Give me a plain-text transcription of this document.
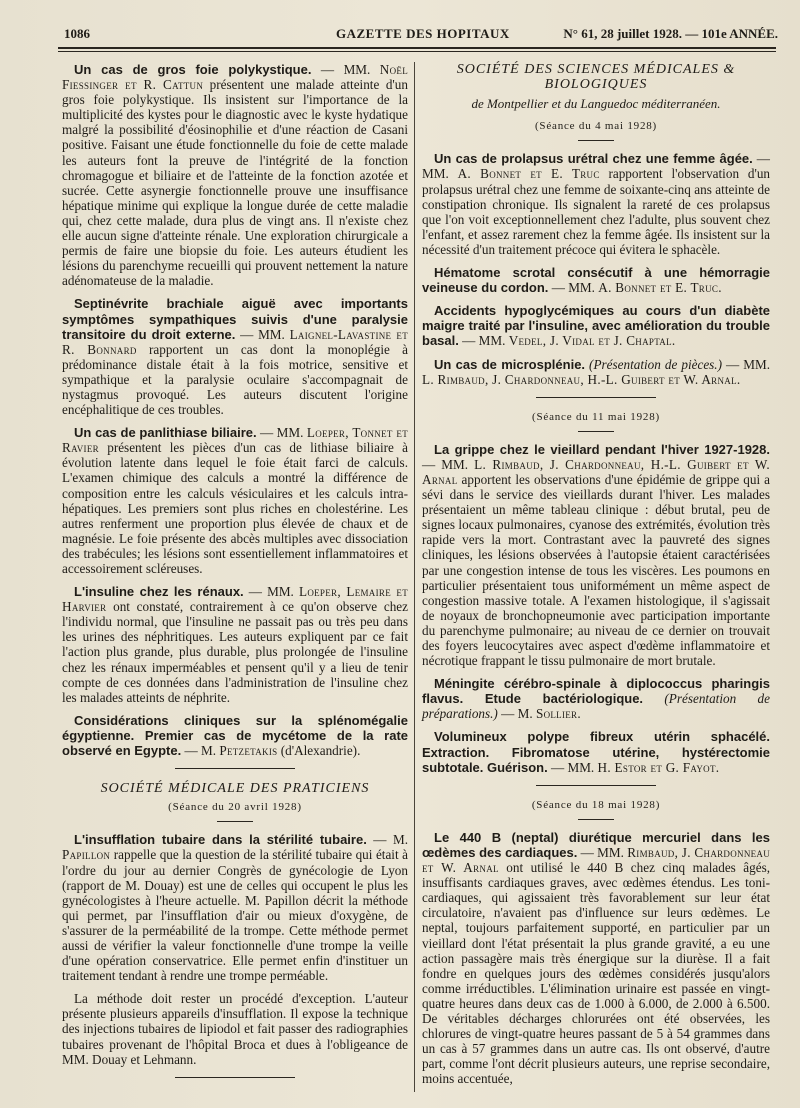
1086	GAZETTE DES HOPITAUX	N° 61, 28 juillet 1928. — 101e ANNÉE.

Un cas de gros foie polykystique. — MM. Noël Fiessinger et R. Cattun présentent une malade atteinte d'un gros foie polykystique. Ils insistent sur l'importance de la multiplicité des kystes pour le diagnostic avec le kyste hydatique malgré la possibilité d'éosinophilie et d'une réaction de Casani positive. Faisant une étude fonctionnelle du foie de cette malade les auteurs font la preuve de l'intégrité de la fonction chromagogue et biliaire et de l'atteinte de la fonction azotée et sucrée. Cette asynergie fonctionnelle prouve une insuffisance hépatique minime qui explique la longue durée de cette maladie qui, chez cette malade, dura plus de vingt ans. Il n'existe chez elle aucun signe d'atteinte rénale. Une exploration chirurgicale a permis de faire une biopsie du foie. Les auteurs étudient les lésions du parenchyme recueilli qui prouvent nettement la nature adénomateuse de la maladie.

Septinévrite brachiale aiguë avec importants symptômes sympathiques suivis d'une paralysie transitoire du droit externe. — MM. Laignel-Lavastine et R. Bonnard rapportent un cas dont la monoplégie à prédominance distale était à la fois motrice, sensitive et sympathique et la paralysie oculaire s'accompagnait de nystagmus provoqué. Les auteurs discutent l'origine encéphalitique de ces troubles.

Un cas de panlithiase biliaire. — MM. Loeper, Tonnet et Ravier présentent les pièces d'un cas de lithiase biliaire à évolution latente dans lequel le foie était farci de calculs. L'examen chimique des calculs a montré la différence de composition entre les calculs vésiculaires et les calculs intra-hépatiques. Les premiers sont plus riches en cholestérine. Les autres renferment une proportion plus élevée de chaux et de magnésie. Le foie présente des abcès multiples avec dissociation des trabécules; les lésions sont essentiellement inflammatoires et accessoirement scléreuses.

L'insuline chez les rénaux. — MM. Loeper, Lemaire et Harvier ont constaté, contrairement à ce qu'on observe chez l'individu normal, que l'insuline ne passait pas ou très peu dans les urines des néphritiques. Les auteurs expliquent par ce fait l'action plus grande, plus durable, plus prolongée de l'insuline chez les rénaux imperméables et pensent qu'il y a lieu de tenir compte de ces données dans l'administration de l'insuline chez les malades atteints de néphrite.

Considérations cliniques sur la splénomégalie égyptienne. Premier cas de mycétome de la rate observé en Egypte. — M. Petzetakis (d'Alexandrie).

SOCIÉTÉ MÉDICALE DES PRATICIENS

(Séance du 20 avril 1928)

L'insufflation tubaire dans la stérilité tubaire. — M. Papillon rappelle que la question de la stérilité tubaire qui était à l'ordre du jour au dernier Congrès de gynécologie de Lyon (rapport de M. Douay) est une de celles qui occupent le plus les gynécologistes à l'heure actuelle. M. Papillon décrit la méthode qui permet, par l'insufflation d'air ou mieux d'oxygène, de s'assurer de la perméabilité de la trompe. Cette méthode permet aussi de vérifier la valeur fonctionnelle d'une trompe la veille d'une opération conservatrice. Elle permet enfin d'instituer un traitement tendant à rendre une trompe perméable.

La méthode doit rester un procédé d'exception. L'auteur présente plusieurs appareils d'insufflation. Il expose la technique des injections tubaires de lipiodol et fait passer des radiographies tubaires provenant de l'hôpital Broca et dues à l'obligeance de MM. Douay et Lehmann.

SOCIÉTÉ DES SCIENCES MÉDICALES & BIOLOGIQUES

de Montpellier et du Languedoc méditerranéen.

(Séance du 4 mai 1928)

Un cas de prolapsus urétral chez une femme âgée. — MM. A. Bonnet et E. Truc rapportent l'observation d'un prolapsus urétral chez une femme de soixante-cinq ans atteinte de constipation chronique. Ils signalent la rareté de ces prolapsus que l'on voit exceptionnellement chez l'adulte, plus souvent chez l'enfant, et assez rarement chez la femme âgée. Ils insistent sur la nécessité d'un traitement précoce qui évitera le sphacèle.

Hématome scrotal consécutif à une hémorragie veineuse du cordon. — MM. A. Bonnet et E. Truc.

Accidents hypoglycémiques au cours d'un diabète maigre traité par l'insuline, avec amélioration du trouble basal. — MM. Vedel, J. Vidal et J. Chaptal.

Un cas de microsplénie. (Présentation de pièces.) — MM. L. Rimbaud, J. Chardonneau, H.-L. Guibert et W. Arnal.

(Séance du 11 mai 1928)

La grippe chez le vieillard pendant l'hiver 1927-1928. — MM. L. Rimbaud, J. Chardonneau, H.-L. Guibert et W. Arnal apportent les observations d'une épidémie de grippe qui a sévi dans le service des vieillards durant l'hiver. Les malades présentaient un même tableau clinique : début brutal, peu de signes locaux pulmonaires, cyanose des extrémités, évolution très rapide vers la mort. Contrastant avec la pauvreté des signes cliniques, les lésions observées à l'autopsie étaient caractérisées par une congestion intense de tous les viscères. Les poumons en particulier présentaient tous uniformément un même aspect de congestion massive totale. A l'examen histologique, il s'agissait de noyaux de bronchopneumonie avec participation importante du parenchyme pulmonaire; au niveau de ce dernier on trouvait des foyers leucocytaires avec aspect d'œdème inflammatoire et nécrotique frappant le tissu pulmonaire de mort brutale.

Méningite cérébro-spinale à diplococcus pharingis flavus. Etude bactériologique. (Présentation de préparations.) — M. Sollier.

Volumineux polype fibreux utérin sphacélé. Extraction. Fibromatose utérine, hystérectomie subtotale. Guérison. — MM. H. Estor et G. Fayot.

(Séance du 18 mai 1928)

Le 440 B (neptal) diurétique mercuriel dans les œdèmes des cardiaques. — MM. Rimbaud, J. Chardonneau et W. Arnal ont utilisé le 440 B chez cinq malades âgés, insuffisants cardiaques graves, avec œdèmes étendus. Les toni-cardiaques, qui agissaient très favorablement sur leur état circulatoire, n'avaient pas d'influence sur leurs œdèmes. Le neptal, toujours parfaitement supporté, en particulier par un vieillard dont l'état présentait la plus grande gravité, a eu une action passagère mais très énergique sur la diurèse. Il a fait fondre en quelques jours des œdèmes considérés jusqu'alors comme irréductibles. L'élimination urinaire est passée en vingt-quatre heures dans deux cas de 1.000 à 6.000, de 2.000 à 6.500. De véritables décharges chlorurées ont été observées, les chlorures de vingt-quatre heures passant de 5 à 54 grammes dans un cas à 57 grammes dans un autre cas. Ils ont observé, d'autre part, comme l'ont décrit plusieurs auteurs, une reprise secondaire, moins accentuée,
